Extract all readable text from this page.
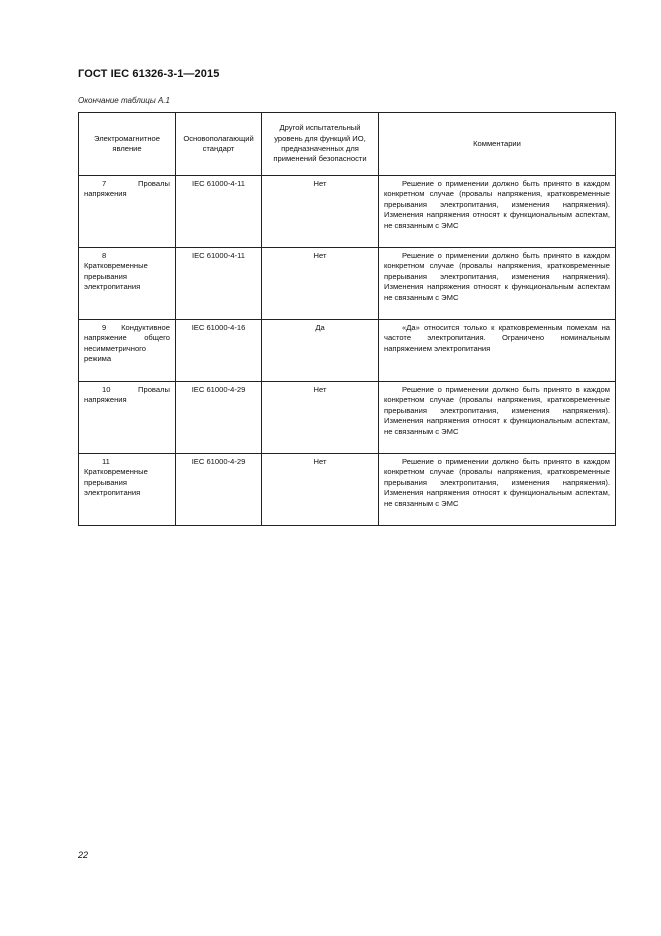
ГОСТ IEC 61326-3-1—2015
Окончание таблицы А.1
Электромагнитное явление	Основополагающий стандарт	Другой испытательный уровень для функций ИО, предназначенных для применений безопасности	Комментарии

7 Провалы напряжения	IEC 61000-4-11	Нет	Решение о применении должно быть принято в каждом конкретном случае (провалы напряжения, кратковременные прерывания электропитания, изменения напряжения). Изменения напряжения относят к функциональным аспектам, не связанным с ЭМС

8 Кратковременные прерывания электропитания	IEC 61000-4-11	Нет	Решение о применении должно быть принято в каждом конкретном случае (провалы напряжения, кратковременные прерывания электропитания, изменения напряжения). Изменения напряжения относят к функциональным аспектам не связанным с ЭМС

9 Кондуктивное напряжение общего несимметричного режима	IEC 61000-4-16	Да	«Да» относится только к кратковременным помехам на частоте электропитания. Ограничено номинальным напряжением электропитания

10 Провалы напряжения	IEC 61000-4-29	Нет	Решение о применении должно быть принято в каждом конкретном случае (провалы напряжения, кратковременные прерывания электропитания, изменения напряжения). Изменения напряжения относят к функциональным аспектам, не связанным с ЭМС

11 Кратковременные прерывания электропитания	IEC 61000-4-29	Нет	Решение о применении должно быть принято в каждом конкретном случае (провалы напряжения, кратковременные прерывания электропитания, изменения напряжения). Изменения напряжения относят к функциональным аспектам, не связанным с ЭМС
22
